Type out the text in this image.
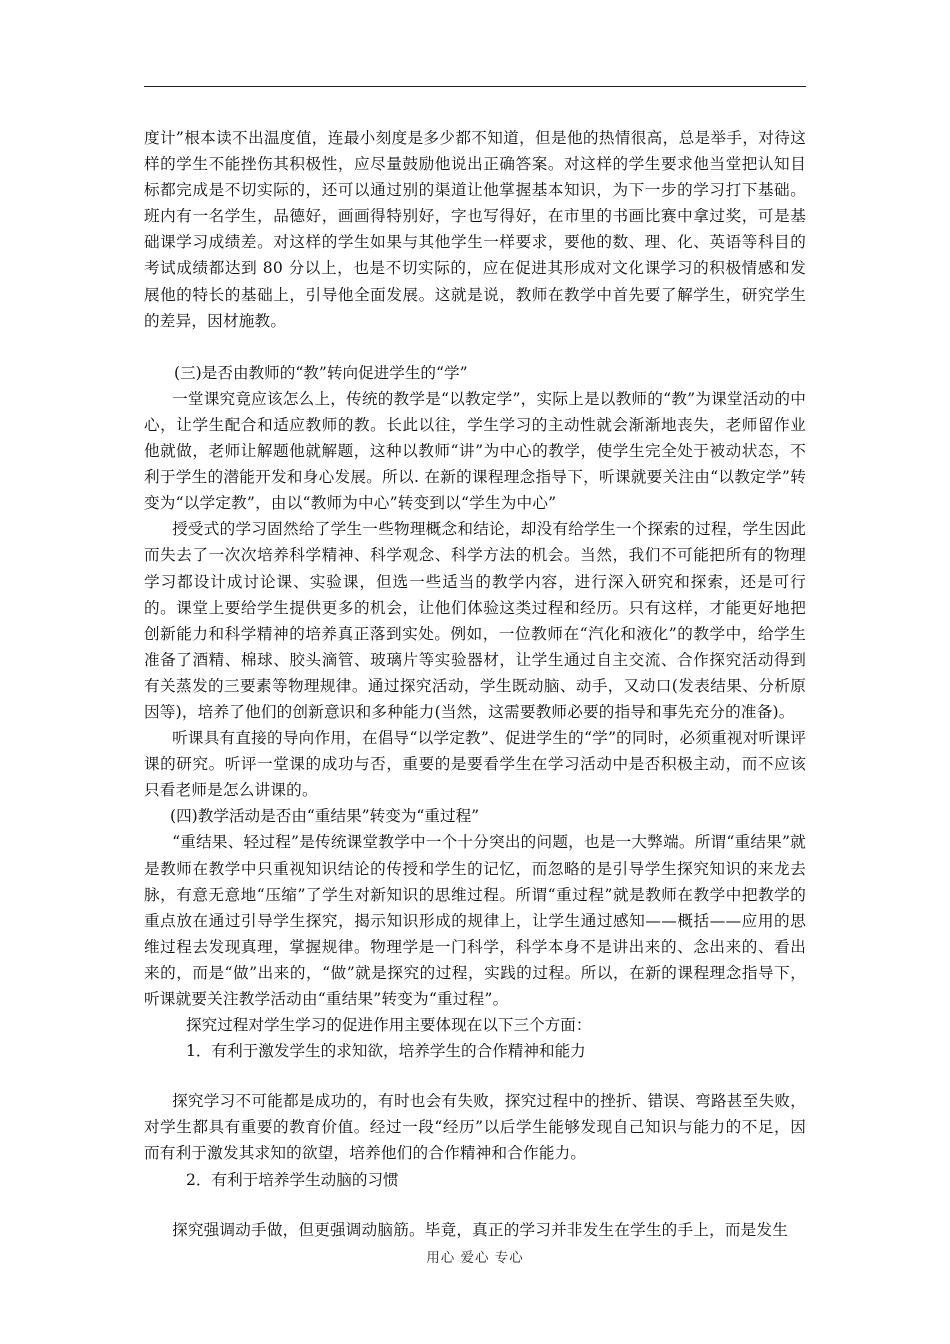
度计”根本读不出温度值，连最小刻度是多少都不知道，但是他的热情很高，总是举手，对待这样的学生不能挫伤其积极性，应尽量鼓励他说出正确答案。对这样的学生要求他当堂把认知目标都完成是不切实际的，还可以通过别的渠道让他掌握基本知识，为下一步的学习打下基础。班内有一名学生，品德好，画画得特别好，字也写得好，在市里的书画比赛中拿过奖，可是基础课学习成绩差。对这样的学生如果与其他学生一样要求，要他的数、理、化、英语等科目的考试成绩都达到 80 分以上，也是不切实际的，应在促进其形成对文化课学习的积极情感和发展他的特长的基础上，引导他全面发展。这就是说，教师在教学中首先要了解学生，研究学生的差异，因材施教。

(三)是否由教师的“教”转向促进学生的“学”

一堂课究竟应该怎么上，传统的教学是“以教定学”，实际上是以教师的“教”为课堂活动的中心，让学生配合和适应教师的教。长此以往，学生学习的主动性就会渐渐地丧失，老师留作业他就做，老师让解题他就解题，这种以教师“讲”为中心的教学，使学生完全处于被动状态，不利于学生的潜能开发和身心发展。所以. 在新的课程理念指导下，听课就要关注由“以教定学”转变为“以学定教”，由以“教师为中心”转变到以“学生为中心”

授受式的学习固然给了学生一些物理概念和结论，却没有给学生一个探索的过程，学生因此而失去了一次次培养科学精神、科学观念、科学方法的机会。当然，我们不可能把所有的物理学习都设计成讨论课、实验课，但选一些适当的教学内容，进行深入研究和探索，还是可行的。课堂上要给学生提供更多的机会，让他们体验这类过程和经历。只有这样，才能更好地把创新能力和科学精神的培养真正落到实处。例如，一位教师在“汽化和液化”的教学中，给学生准备了酒精、棉球、胶头滴管、玻璃片等实验器材，让学生通过自主交流、合作探究活动得到有关蒸发的三要素等物理规律。通过探究活动，学生既动脑、动手，又动口(发表结果、分析原因等)，培养了他们的创新意识和多种能力(当然，这需要教师必要的指导和事先充分的准备)。

听课具有直接的导向作用，在倡导“以学定教”、促进学生的“学”的同时，必须重视对听课评课的研究。听评一堂课的成功与否，重要的是要看学生在学习活动中是否积极主动，而不应该只看老师是怎么讲课的。

(四)教学活动是否由“重结果”转变为“重过程”

“重结果、轻过程”是传统课堂教学中一个十分突出的问题，也是一大弊端。所谓“重结果”就是教师在教学中只重视知识结论的传授和学生的记忆，而忽略的是引导学生探究知识的来龙去脉，有意无意地“压缩”了学生对新知识的思维过程。所谓“重过程”就是教师在教学中把教学的重点放在通过引导学生探究，揭示知识形成的规律上，让学生通过感知——概括——应用的思维过程去发现真理，掌握规律。物理学是一门科学，科学本身不是讲出来的、念出来的、看出来的，而是“做”出来的，“做”就是探究的过程，实践的过程。所以，在新的课程理念指导下，听课就要关注教学活动由“重结果”转变为“重过程”。

探究过程对学生学习的促进作用主要体现在以下三个方面：

1．有利于激发学生的求知欲，培养学生的合作精神和能力

探究学习不可能都是成功的，有时也会有失败，探究过程中的挫折、错误、弯路甚至失败，对学生都具有重要的教育价值。经过一段“经历”以后学生能够发现自己知识与能力的不足，因而有利于激发其求知的欲望，培养他们的合作精神和合作能力。

2．有利于培养学生动脑的习惯

探究强调动手做，但更强调动脑筋。毕竟，真正的学习并非发生在学生的手上，而是发生

用心 爱心 专心
